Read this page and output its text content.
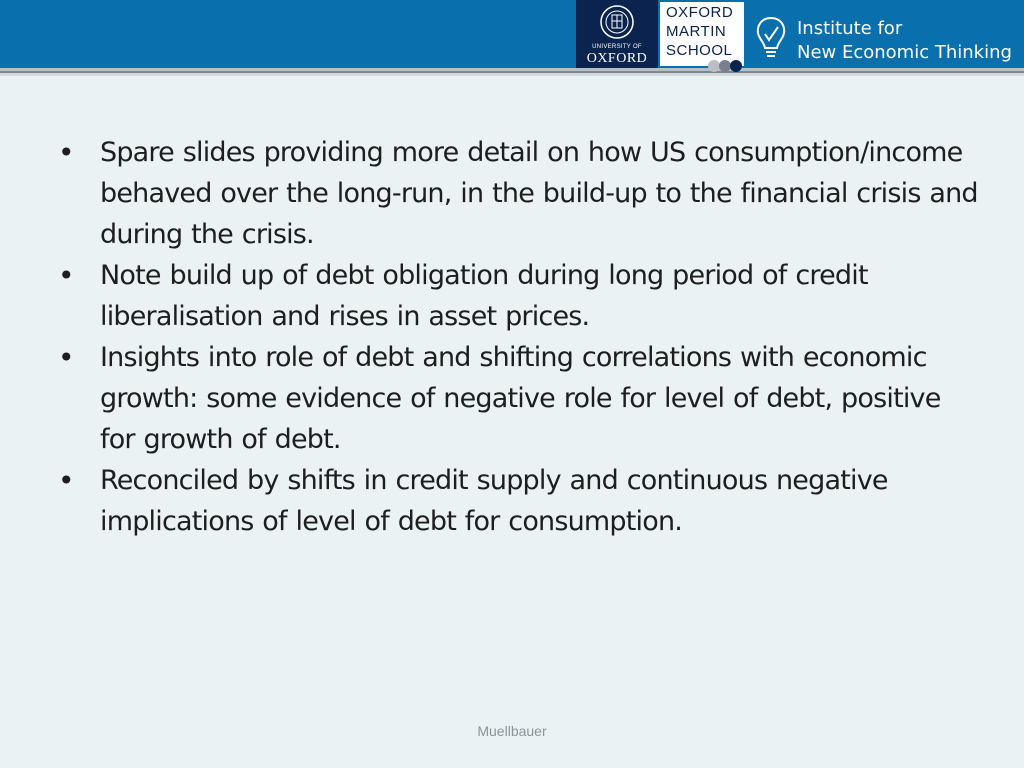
UNIVERSITY OF
OXFORD
OXFORD
MARTIN
SCHOOL
Institute for
New Economic Thinking
• Spare slides providing more detail on how US consumption/income behaved over the long-run, in the build-up to the financial crisis and during the crisis.
• Note build up of debt obligation during long period of credit liberalisation and rises in asset prices.
• Insights into role of debt and shifting correlations with economic growth: some evidence of negative role for level of debt, positive for growth of debt.
• Reconciled by shifts in credit supply and continuous negative implications of level of debt for consumption.
Muellbauer
